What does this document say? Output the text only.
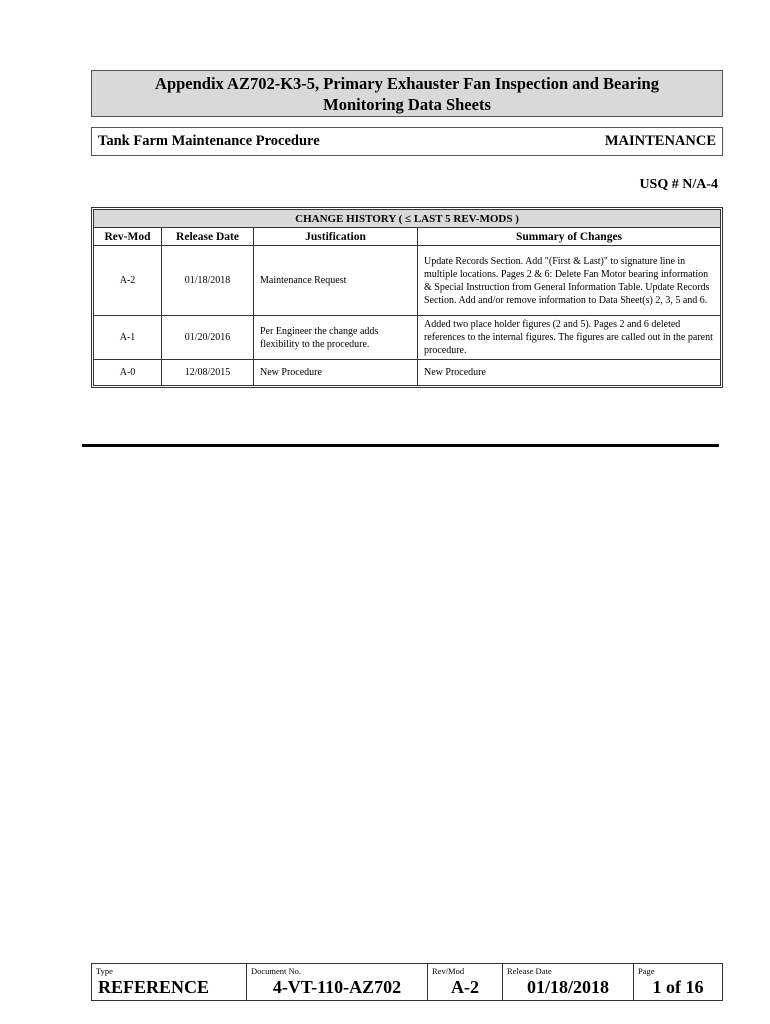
Appendix AZ702-K3-5, Primary Exhauster Fan Inspection and Bearing
Monitoring Data Sheets
Tank Farm Maintenance Procedure	MAINTENANCE
USQ # N/A-4
CHANGE HISTORY ( ≤ LAST 5 REV-MODS )			
Rev-Mod	Release Date	Justification	Summary of Changes
A-2	01/18/2018	Maintenance Request	Update Records Section. Add "(First & Last)" to signature line in multiple locations. Pages 2 & 6: Delete Fan Motor bearing information & Special Instruction from General Information Table. Update Records Section. Add and/or remove information to Data Sheet(s) 2, 3, 5 and 6.
A-1	01/20/2016	Per Engineer the change adds flexibility to the procedure.	Added two place holder figures (2 and 5). Pages 2 and 6 deleted references to the internal figures. The figures are called out in the parent procedure.
A-0	12/08/2015	New Procedure	New Procedure
Type
REFERENCE
Document No.
4-VT-110-AZ702
Rev/Mod
A-2
Release Date
01/18/2018
Page
1 of 16
